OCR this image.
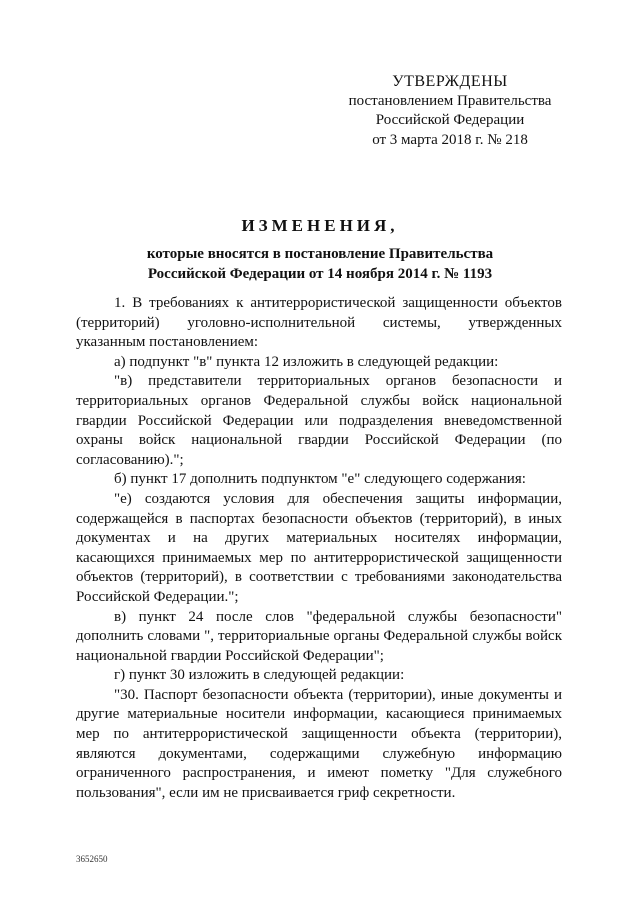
УТВЕРЖДЕНЫ
постановлением Правительства
Российской Федерации
от 3 марта 2018 г. № 218
ИЗМЕНЕНИЯ,
которые вносятся в постановление Правительства
Российской Федерации от 14 ноября 2014 г. № 1193

1. В требованиях к антитеррористической защищенности объектов (территорий) уголовно-исполнительной системы, утвержденных указанным постановлением:

а) подпункт "в" пункта 12 изложить в следующей редакции:

"в) представители территориальных органов безопасности и территориальных органов Федеральной службы войск национальной гвардии Российской Федерации или подразделения вневедомственной охраны войск национальной гвардии Российской Федерации (по согласованию).";

б) пункт 17 дополнить подпунктом "е" следующего содержания:

"е) создаются условия для обеспечения защиты информации, содержащейся в паспортах безопасности объектов (территорий), в иных документах и на других материальных носителях информации, касающихся принимаемых мер по антитеррористической защищенности объектов (территорий), в соответствии с требованиями законодательства Российской Федерации.";

в) пункт 24 после слов "федеральной службы безопасности" дополнить словами ", территориальные органы Федеральной службы войск национальной гвардии Российской Федерации";

г) пункт 30 изложить в следующей редакции:

"30. Паспорт безопасности объекта (территории), иные документы и другие материальные носители информации, касающиеся принимаемых мер по антитеррористической защищенности объекта (территории), являются документами, содержащими служебную информацию ограниченного распространения, и имеют пометку "Для служебного пользования", если им не присваивается гриф секретности.

3652650
